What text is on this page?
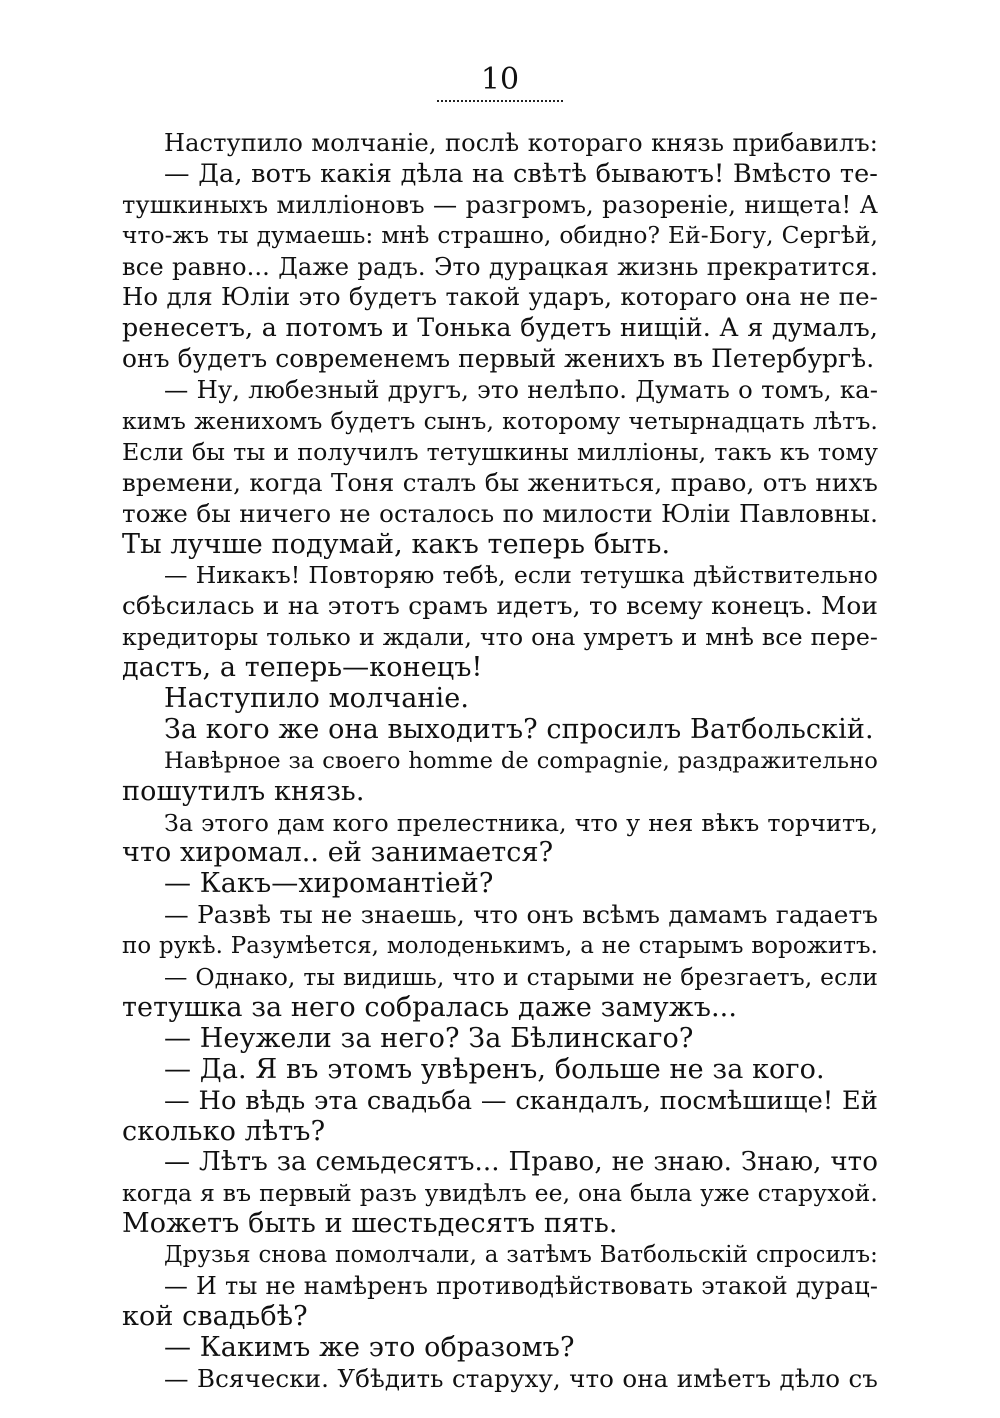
10
Наступило молчаніе, послѣ котораго князь прибавилъ:
— Да, вотъ какія дѣла на свѣтѣ бываютъ! Вмѣсто те-
тушкиныхъ милліоновъ — разгромъ, разореніе, нищета! А
что-жъ ты думаешь: мнѣ страшно, обидно? Ей-Богу, Сергѣй,
все равно... Даже радъ. Это дурацкая жизнь прекратится.
Но для Юліи это будетъ такой ударъ, котораго она не пе-
ренесетъ, а потомъ и Тонька будетъ нищій. А я думалъ,
онъ будетъ современемъ первый женихъ въ Петербургѣ.
— Ну, любезный другъ, это нелѣпо. Думать о томъ, ка-
кимъ женихомъ будетъ сынъ, которому четырнадцать лѣтъ.
Если бы ты и получилъ тетушкины милліоны, такъ къ тому
времени, когда Тоня сталъ бы жениться, право, отъ нихъ
тоже бы ничего не осталось по милости Юліи Павловны.
Ты лучше подумай, какъ теперь быть.
— Никакъ! Повторяю тебѣ, если тетушка дѣйствительно
сбѣсилась и на этотъ срамъ идетъ, то всему конецъ. Мои
кредиторы только и ждали, что она умретъ и мнѣ все пере-
дастъ, а теперь—конецъ!
Наступило молчаніе.
За кого же она выходитъ? спросилъ Ватбольскій.
Навѣрное за своего homme de compagnie, раздражительно
пошутилъ князь.
За этого дам кого прелестника, что у нея вѣкъ торчитъ,
что хиромал.. ей занимается?
— Какъ—хиромантіей?
— Развѣ ты не знаешь, что онъ всѣмъ дамамъ гадаетъ
по рукѣ. Разумѣется, молоденькимъ, а не старымъ ворожитъ.
— Однако, ты видишь, что и старыми не брезгаетъ, если
тетушка за него собралась даже замужъ...
— Неужели за него? За Бѣлинскаго?
— Да. Я въ этомъ увѣренъ, больше не за кого.
— Но вѣдь эта свадьба — скандалъ, посмѣшище! Ей
сколько лѣтъ?
— Лѣтъ за семьдесятъ... Право, не знаю. Знаю, что
когда я въ первый разъ увидѣлъ ее, она была уже старухой.
Можетъ быть и шестьдесятъ пять.
Друзья снова помолчали, а затѣмъ Ватбольскій спросилъ:
— И ты не намѣренъ противодѣйствовать этакой дурац-
кой свадьбѣ?
— Какимъ же это образомъ?
— Всячески. Убѣдить старуху, что она имѣетъ дѣло съ
